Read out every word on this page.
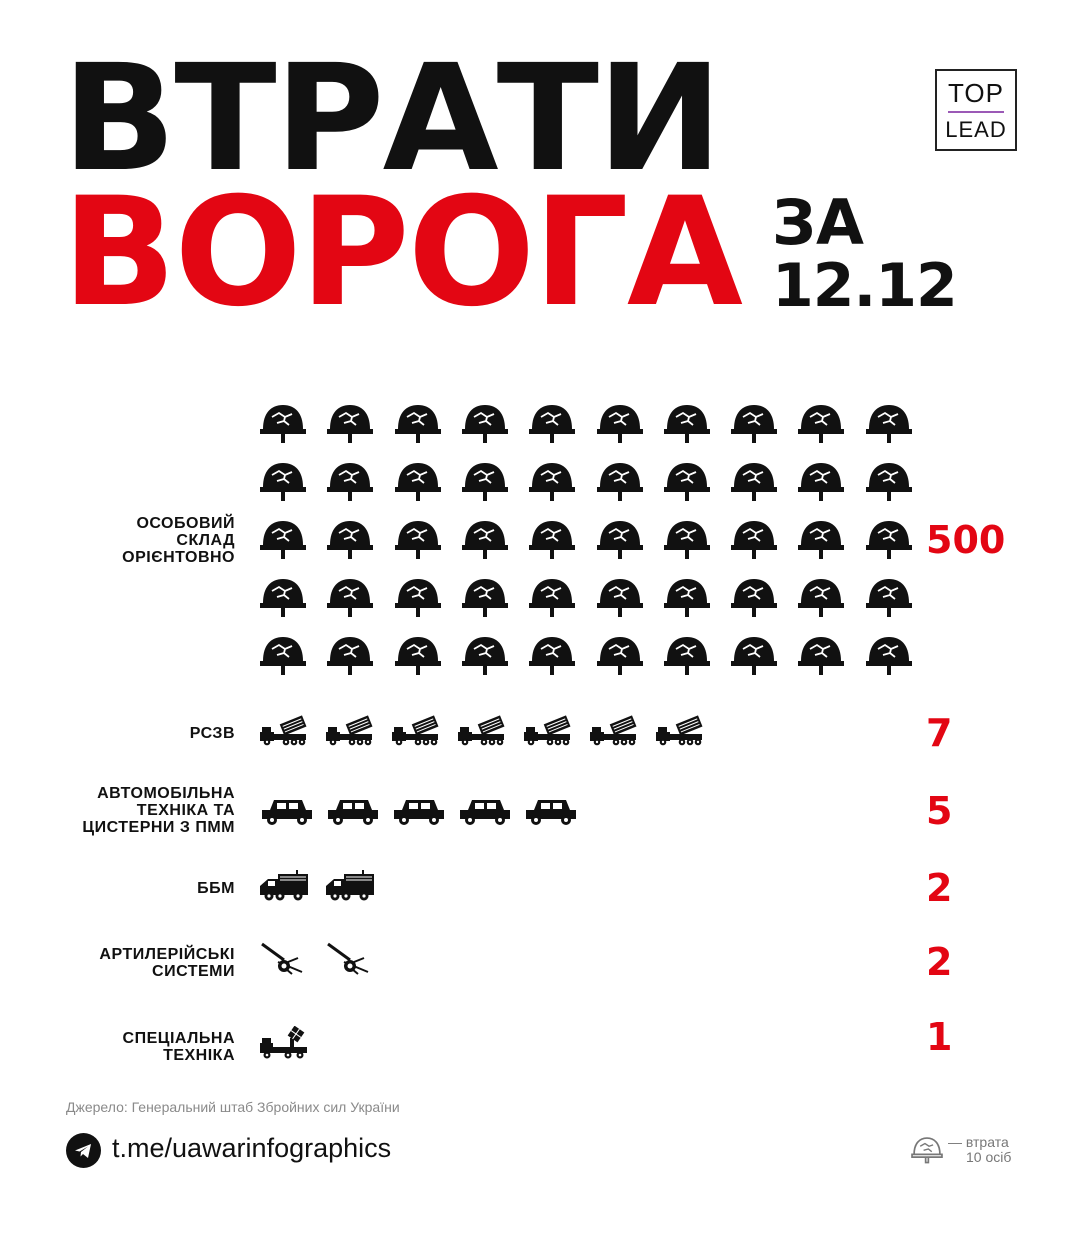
ВТРАТИ
ВОРОГА ЗА
12.12
TOP
LEAD
ОСОБОВИЙ
СКЛАД
ОРІЄНТОВНО	500
РСЗВ	7
АВТОМОБІЛЬНА
ТЕХНІКА ТА
ЦИСТЕРНИ З ПММ	5
ББМ	2
АРТИЛЕРІЙСЬКІ
СИСТЕМИ	2
СПЕЦІАЛЬНА
ТЕХНІКА	1
Джерело: Генеральний штаб Збройних сил України
t.me/uawarinfographics	— втрата
10 осіб
